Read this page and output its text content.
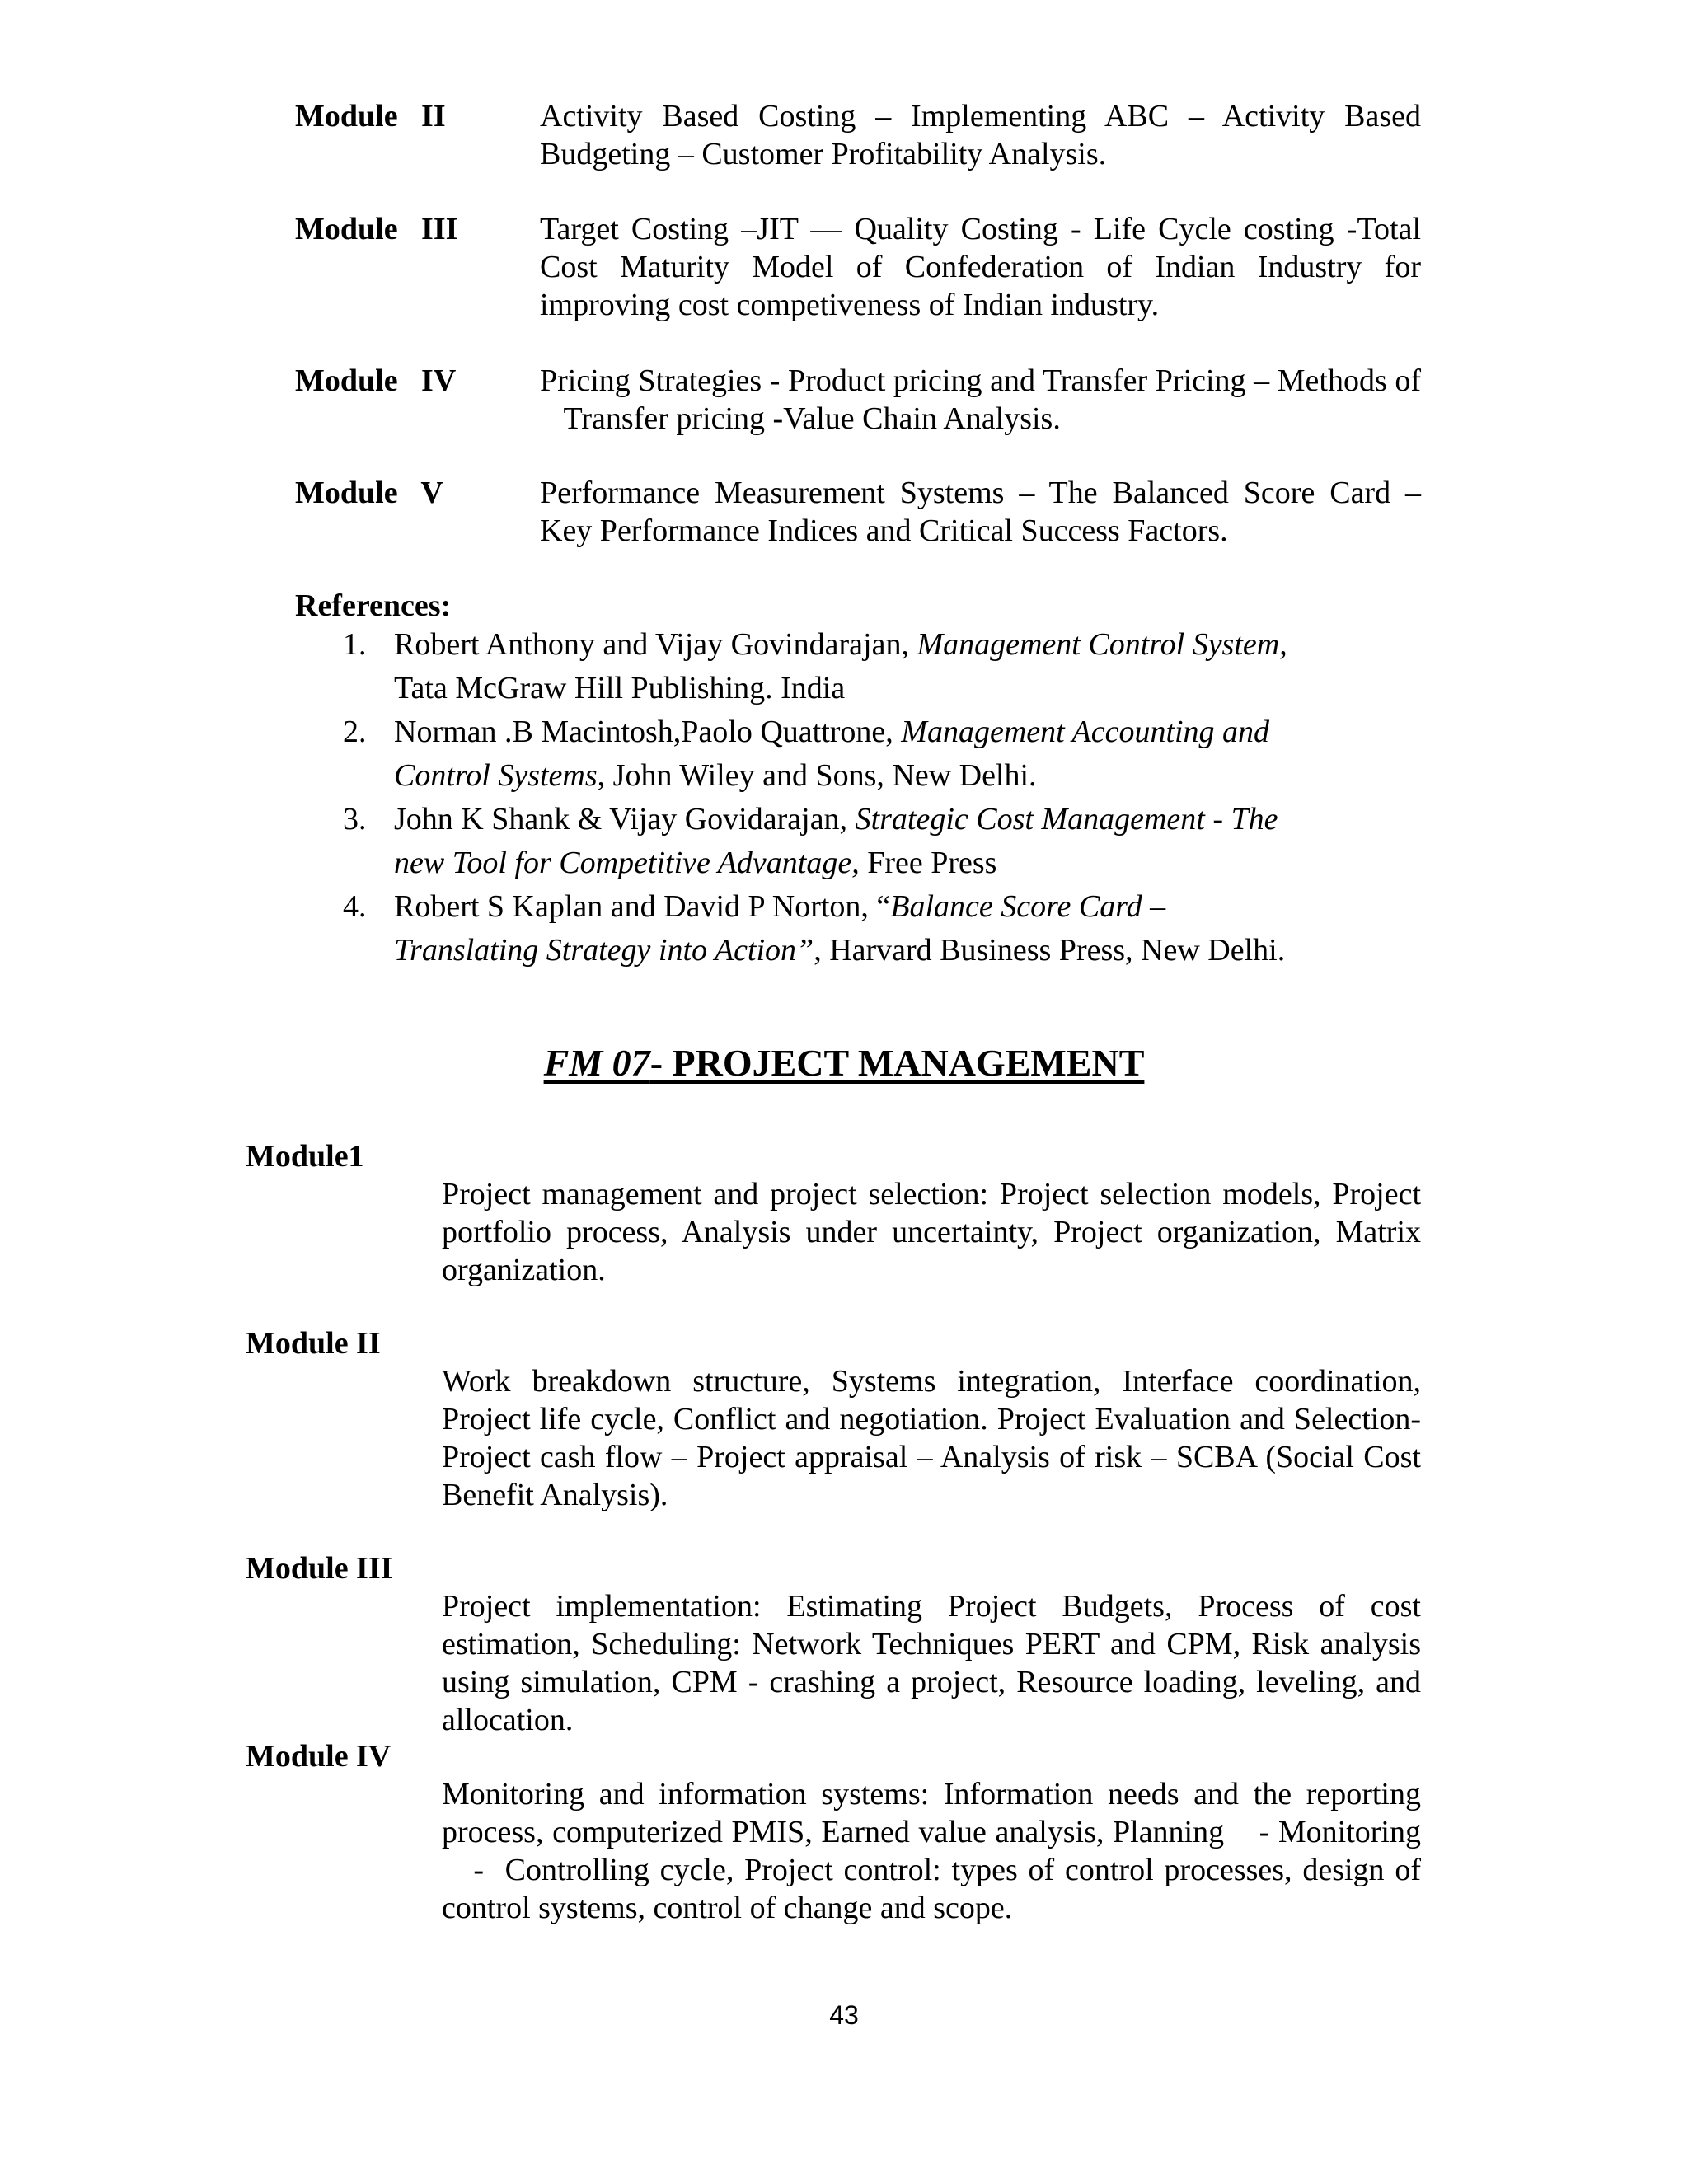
Module   II	Activity Based Costing – Implementing ABC – Activity Based Budgeting – Customer Profitability Analysis.
Module   III	Target Costing –JIT — Quality Costing - Life Cycle costing -Total Cost Maturity Model of Confederation of Indian Industry for improving cost competiveness of Indian industry.
Module   IV	Pricing Strategies - Product pricing and Transfer Pricing – Methods of    Transfer pricing -Value Chain Analysis.
Module   V	Performance Measurement Systems – The Balanced Score Card – Key Performance Indices and Critical Success Factors.
References:
1. Robert Anthony and Vijay Govindarajan, Management Control System, Tata McGraw Hill Publishing. India
2. Norman .B Macintosh,Paolo Quattrone, Management Accounting and Control Systems, John Wiley and Sons, New Delhi.
3. John K Shank & Vijay Govidarajan, Strategic Cost Management - The new Tool for Competitive Advantage, Free Press
4. Robert S Kaplan and David P Norton, “Balance Score Card – Translating Strategy into Action”, Harvard Business Press, New Delhi.
FM 07- PROJECT MANAGEMENT
Module1
Project management and project selection: Project selection models, Project portfolio process, Analysis under uncertainty, Project organization, Matrix organization.
Module II
Work breakdown structure, Systems integration, Interface coordination, Project life cycle, Conflict and negotiation. Project Evaluation and Selection-Project cash flow – Project appraisal – Analysis of risk – SCBA (Social Cost Benefit Analysis).
Module III
Project implementation: Estimating Project Budgets, Process of cost estimation, Scheduling: Network Techniques PERT and CPM, Risk analysis using simulation, CPM - crashing a project, Resource loading, leveling, and allocation.
Module IV
Monitoring and information systems: Information needs and the reporting process, computerized PMIS, Earned value analysis, Planning    - Monitoring    -  Controlling cycle, Project control: types of control processes, design of control systems, control of change and scope.
43
